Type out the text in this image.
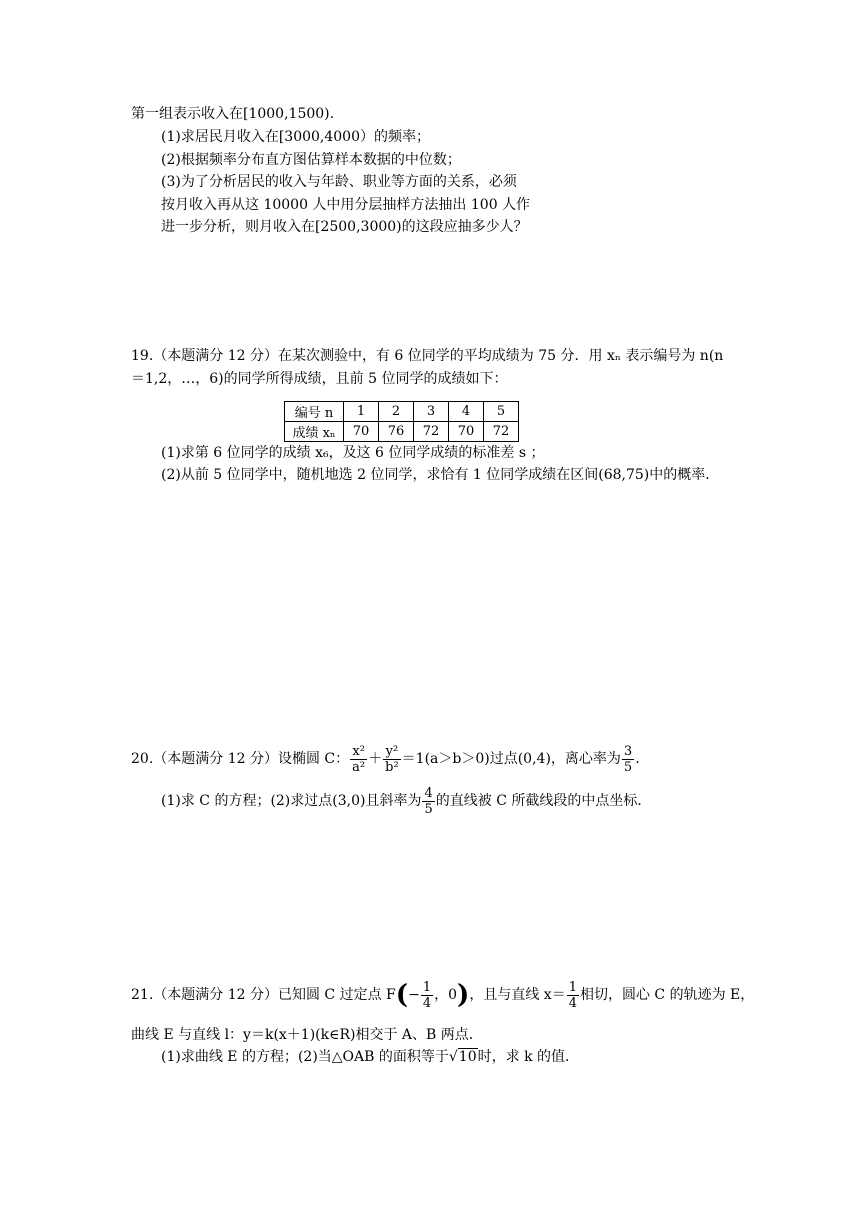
第一组表示收入在[1000,1500).
(1)求居民月收入在[3000,4000）的频率；
(2)根据频率分布直方图估算样本数据的中位数；
(3)为了分析居民的收入与年龄、职业等方面的关系，必须
按月收入再从这 10000 人中用分层抽样方法抽出 100 人作
进一步分析，则月收入在[2500,3000)的这段应抽多少人？
19.（本题满分 12 分）在某次测验中，有 6 位同学的平均成绩为 75 分．用 xₙ 表示编号为 n(n
＝1,2，…，6)的同学所得成绩，且前 5 位同学的成绩如下：
编号 n	1	2	3	4	5
成绩 xₙ	70	76	72	70	72
(1)求第 6 位同学的成绩 x₆，及这 6 位同学成绩的标准差 s ；
(2)从前 5 位同学中，随机地选 2 位同学，求恰有 1 位同学成绩在区间(68,75)中的概率．
20.（本题满分 12 分）设椭圆 C： $\frac{\text{x²}}{\text{a²}} + \frac{\text{y²}}{\text{b²}} =1(a>b>0)$过点(0,4)，离心率为 $\frac{3}{5}$ .
(1)求 C 的方程；(2)求过点(3,0)且斜率为 $\frac{4}{5}$ 的直线被 C 所截线段的中点坐标．
21.（本题满分 12 分）已知圆 C 过定点 $F(- \frac{1}{4}$ ，0)，且与直线 $x= \frac{1}{4}$ 相切，圆心 C 的轨迹为 E，
曲线 E 与直线 l：y＝k(x＋1)(k∈R)相交于 A、B 两点．
(1)求曲线 E 的方程；(2)当△OAB 的面积等于√10时，求 k 的值．
